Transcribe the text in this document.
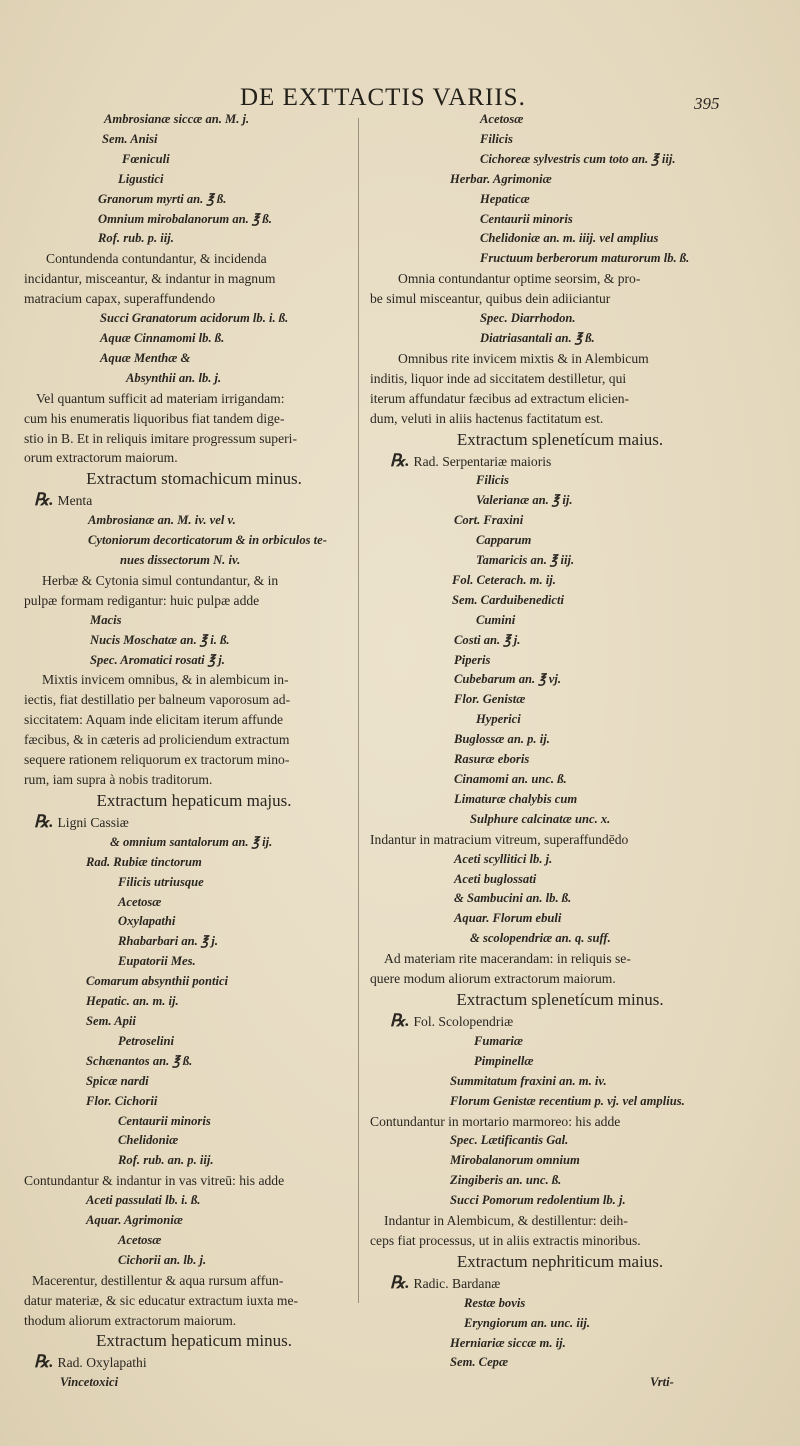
DE EXTTACTIS VARIIS.	395
Ambrosianæ siccæ an. M. j.
Sem. Anisi
Fœniculi
Ligustici
Granorum myrti an. ℥ ß.
Omnium mirobalanorum an. ℥ ß.
Rof. rub. p. iij.
Contundenda contundantur, & incidenda
incidantur, misceantur, & indantur in magnum
matracium capax, superaffundendo
Succi Granatorum acidorum lb. i. ß.
Aquæ Cinnamomi lb. ß.
Aquæ Menthæ &
Absynthii an. lb. j.
Vel quantum sufficit ad materiam irrigandam:
cum his enumeratis liquoribus fiat tandem dige-
stio in B. Et in reliquis imitare progressum superi-
orum extractorum maiorum.
Extractum stomachicum minus.
℞. Menta
Ambrosianæ an. M. iv. vel v.
Cytoniorum decorticatorum & in orbiculos te-
nues dissectorum N. iv.
Herbæ & Cytonia simul contundantur, & in
pulpæ formam redigantur: huic pulpæ adde
Macis
Nucis Moschatæ an. ℥ i. ß.
Spec. Aromatici rosati ℥ j.
Mixtis invicem omnibus, & in alembicum in-
iectis, fiat destillatio per balneum vaporosum ad-
siccitatem: Aquam inde elicitam iterum affunde
fæcibus, & in cæteris ad proliciendum extractum
sequere rationem reliquorum ex tractorum mino-
rum, iam supra à nobis traditorum.
Extractum hepaticum majus.
℞. Ligni Cassiæ
& omnium santalorum an. ℥ ij.
Rad. Rubiæ tinctorum
Filicis utriusque
Acetosæ
Oxylapathi
Rhabarbari an. ℥ j.
Eupatorii Mes.
Comarum absynthii pontici
Hepatic. an. m. ij.
Sem. Apii
Petroselini
Schænantos an. ℥ ß.
Spicæ nardi
Flor. Cichorii
Centaurii minoris
Chelidoniæ
Rof. rub. an. p. iij.
Contundantur & indantur in vas vitreū: his adde
Aceti passulati lb. i. ß.
Aquar. Agrimoniæ
Acetosæ
Cichorii an. lb. j.
Macerentur, destillentur & aqua rursum affun-
datur materiæ, & sic educatur extractum iuxta me-
thodum aliorum extractorum maiorum.
Extractum hepaticum minus.
℞. Rad. Oxylapathi
Vincetoxici
Acetosæ
Filicis
Cichoreæ sylvestris cum toto an. ℥ iij.
Herbar. Agrimoniæ
Hepaticæ
Centaurii minoris
Chelidoniæ an. m. iiij. vel amplius
Fructuum berberorum maturorum lb. ß.
Omnia contundantur optime seorsim, & pro-
be simul misceantur, quibus dein adiiciantur
Spec. Diarrhodon.
Diatriasantali an. ℥ ß.
Omnibus rite invicem mixtis & in Alembicum
inditis, liquor inde ad siccitatem destilletur, qui
iterum affundatur fæcibus ad extractum elicien-
dum, veluti in aliis hactenus factitatum est.
Extractum splenetícum maius.
℞. Rad. Serpentariæ maioris
Filicis
Valerianæ an. ℥ ij.
Cort. Fraxini
Capparum
Tamaricis an. ℥ iij.
Fol. Ceterach. m. ij.
Sem. Carduibenedicti
Cumini
Costi an. ℥ j.
Piperis
Cubebarum an. ℥ vj.
Flor. Genistæ
Hyperici
Buglossæ an. p. ij.
Rasuræ eboris
Cinamomi an. unc. ß.
Limaturæ chalybis cum
Sulphure calcinatæ unc. x.
Indantur in matracium vitreum, superaffundēdo
Aceti scyllitici lb. j.
Aceti buglossati
& Sambucini an. lb. ß.
Aquar. Florum ebuli
& scolopendriæ an. q. suff.
Ad materiam rite macerandam: in reliquis se-
quere modum aliorum extractorum maiorum.
Extractum splenetícum minus.
℞. Fol. Scolopendriæ
Fumariæ
Pimpinellæ
Summitatum fraxini an. m. iv.
Florum Genistæ recentium p. vj. vel amplius.
Contundantur in mortario marmoreo: his adde
Spec. Lætificantis Gal.
Mirobalanorum omnium
Zingiberis an. unc. ß.
Succi Pomorum redolentium lb. j.
Indantur in Alembicum, & destillentur: deih-
ceps fiat processus, ut in aliis extractis minoribus.
Extractum nephriticum maius.
℞. Radic. Bardanæ
Restæ bovis
Eryngiorum an. unc. iij.
Herniariæ siccæ m. ij.
Sem. Cepæ
Vrti-
